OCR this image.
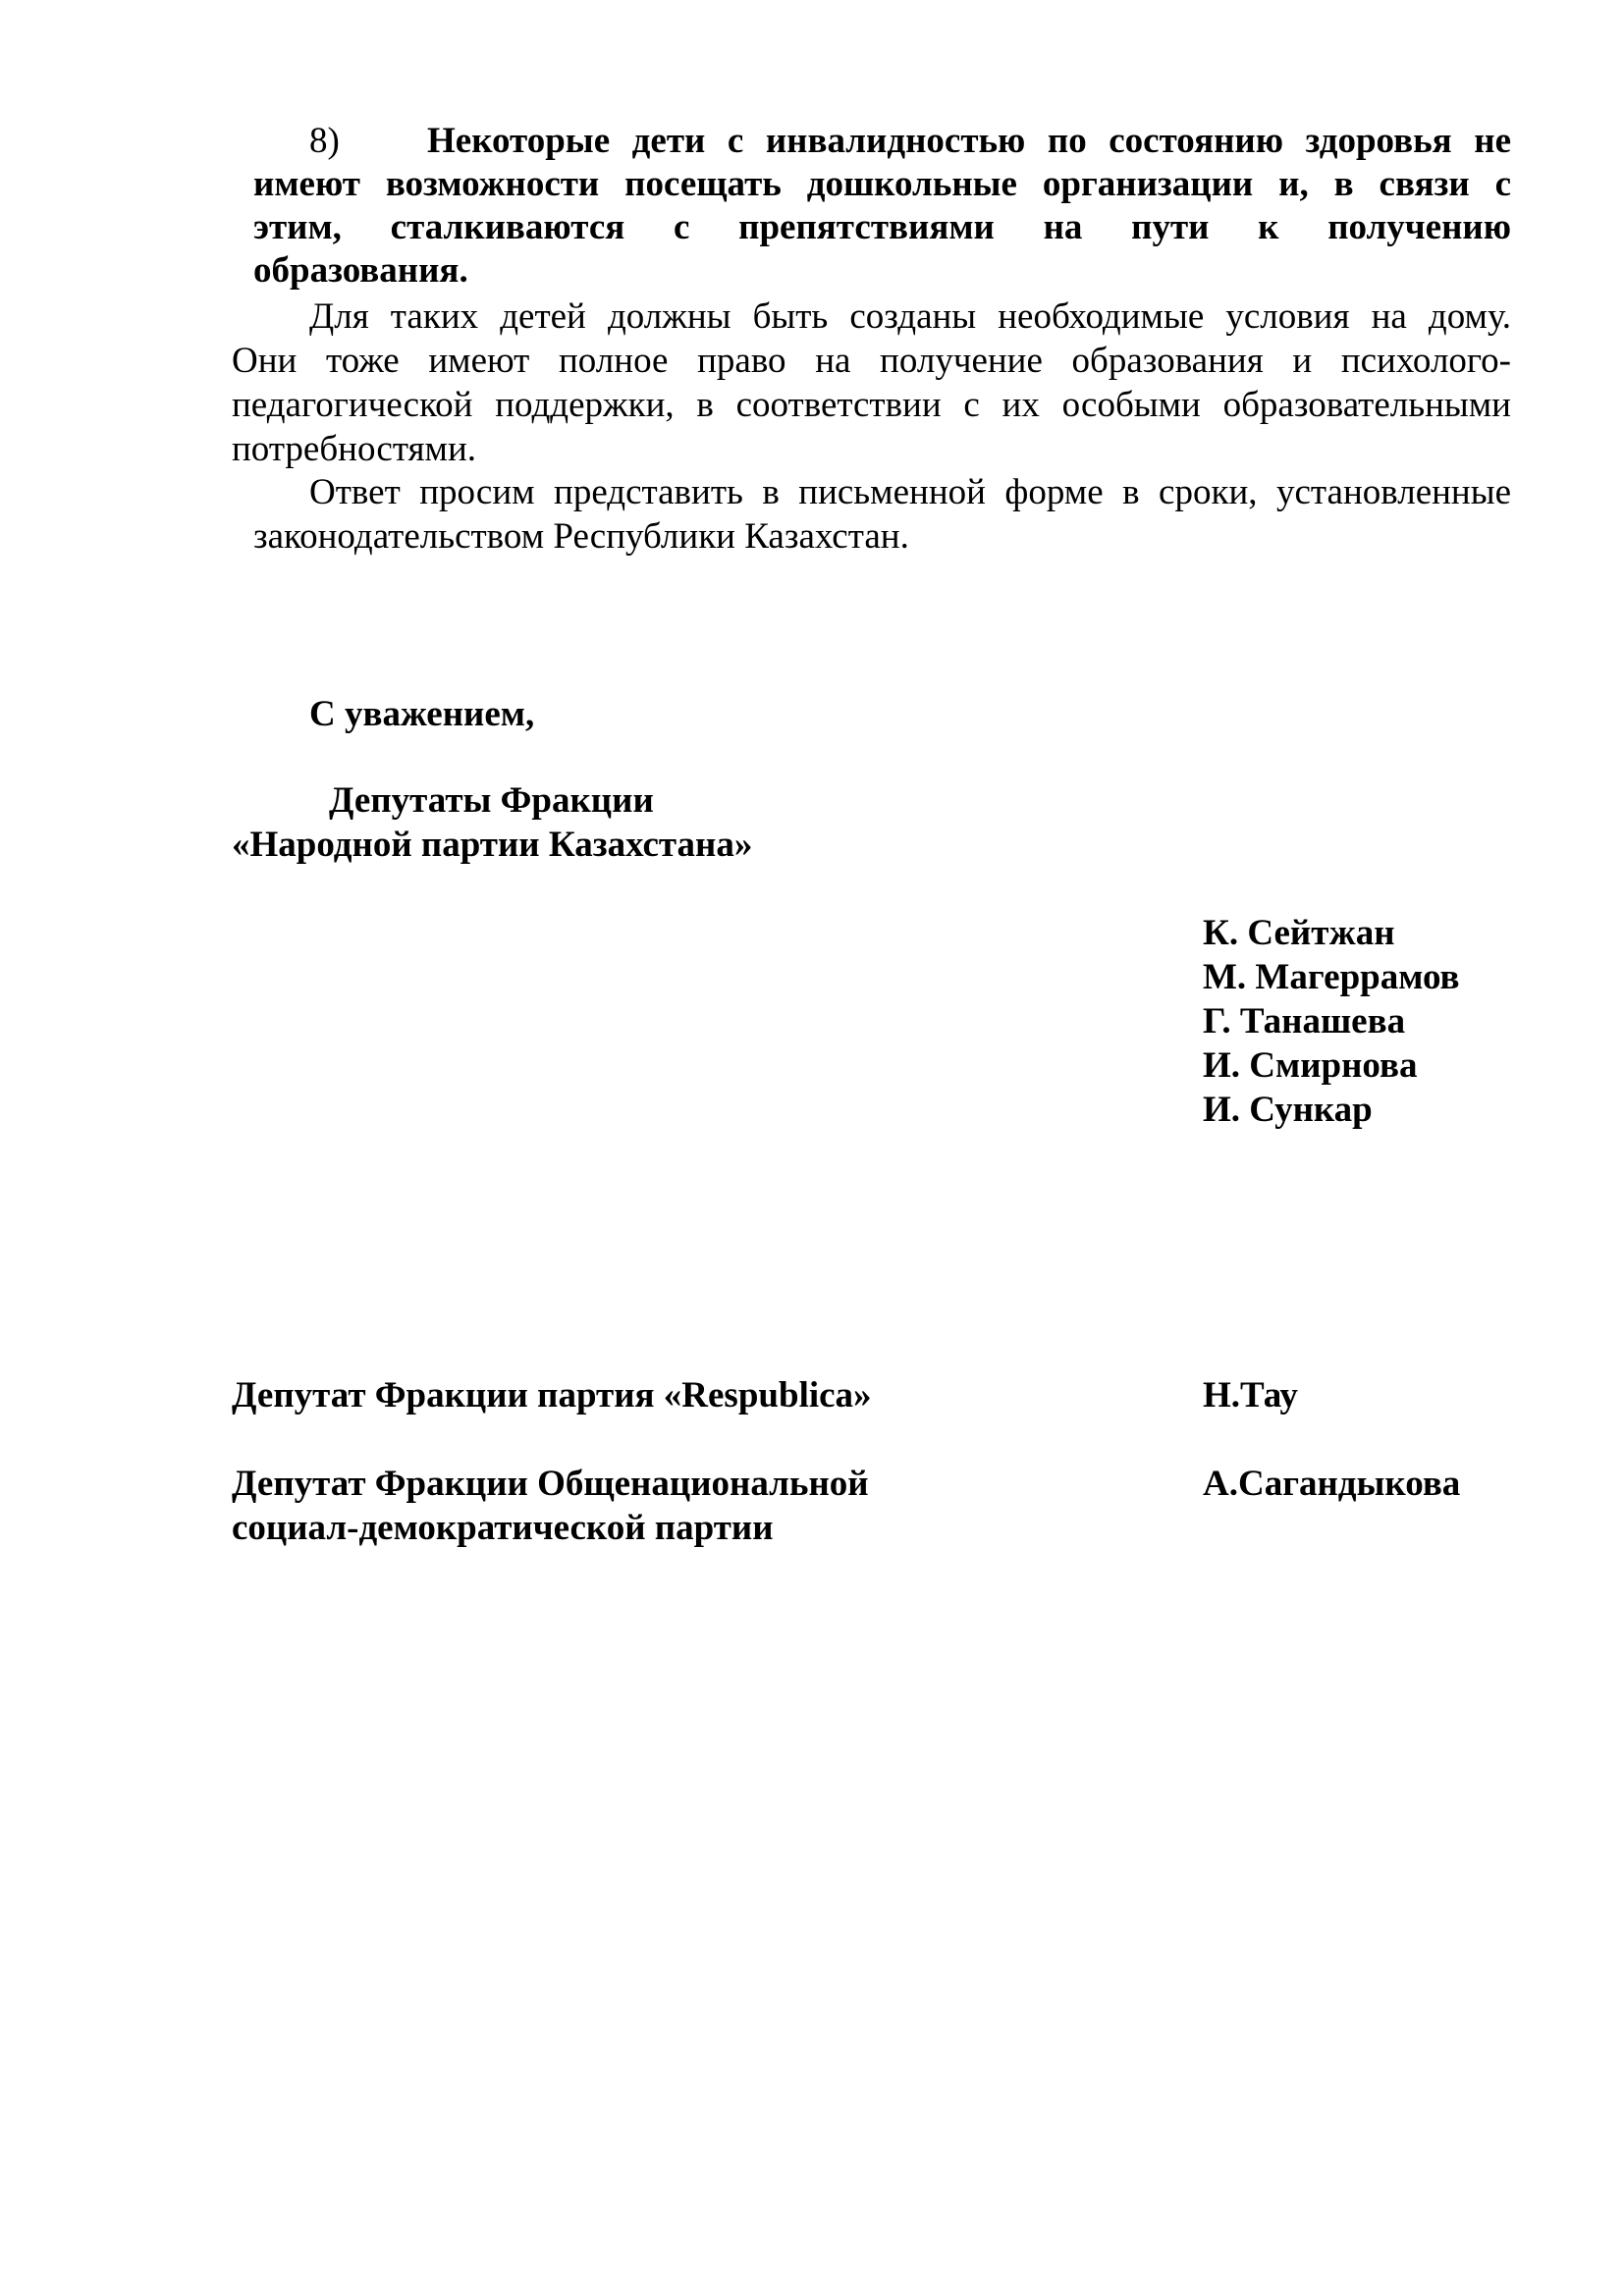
8) Некоторые дети с инвалидностью по состоянию здоровья не

имеют возможности посещать дошкольные организации и, в связи с

этим, сталкиваются с препятствиями на пути к получению

образования.

Для таких детей должны быть созданы необходимые условия на дому.

Они тоже имеют полное право на получение образования и психолого-

педагогической поддержки, в соответствии с их особыми образовательными

потребностями.

Ответ просим представить в письменной форме в сроки, установленные

законодательством Республики Казахстан.

С уважением,

Депутаты Фракции

«Народной партии Казахстана»

К. Сейтжан
М. Магеррамов
Г. Танашева
И. Смирнова
И. Сункар

Депутат Фракции партия «Respublica»	Н.Тау

Депутат Фракции Общенациональной

социал-демократической партии

А.Сагандыкова
